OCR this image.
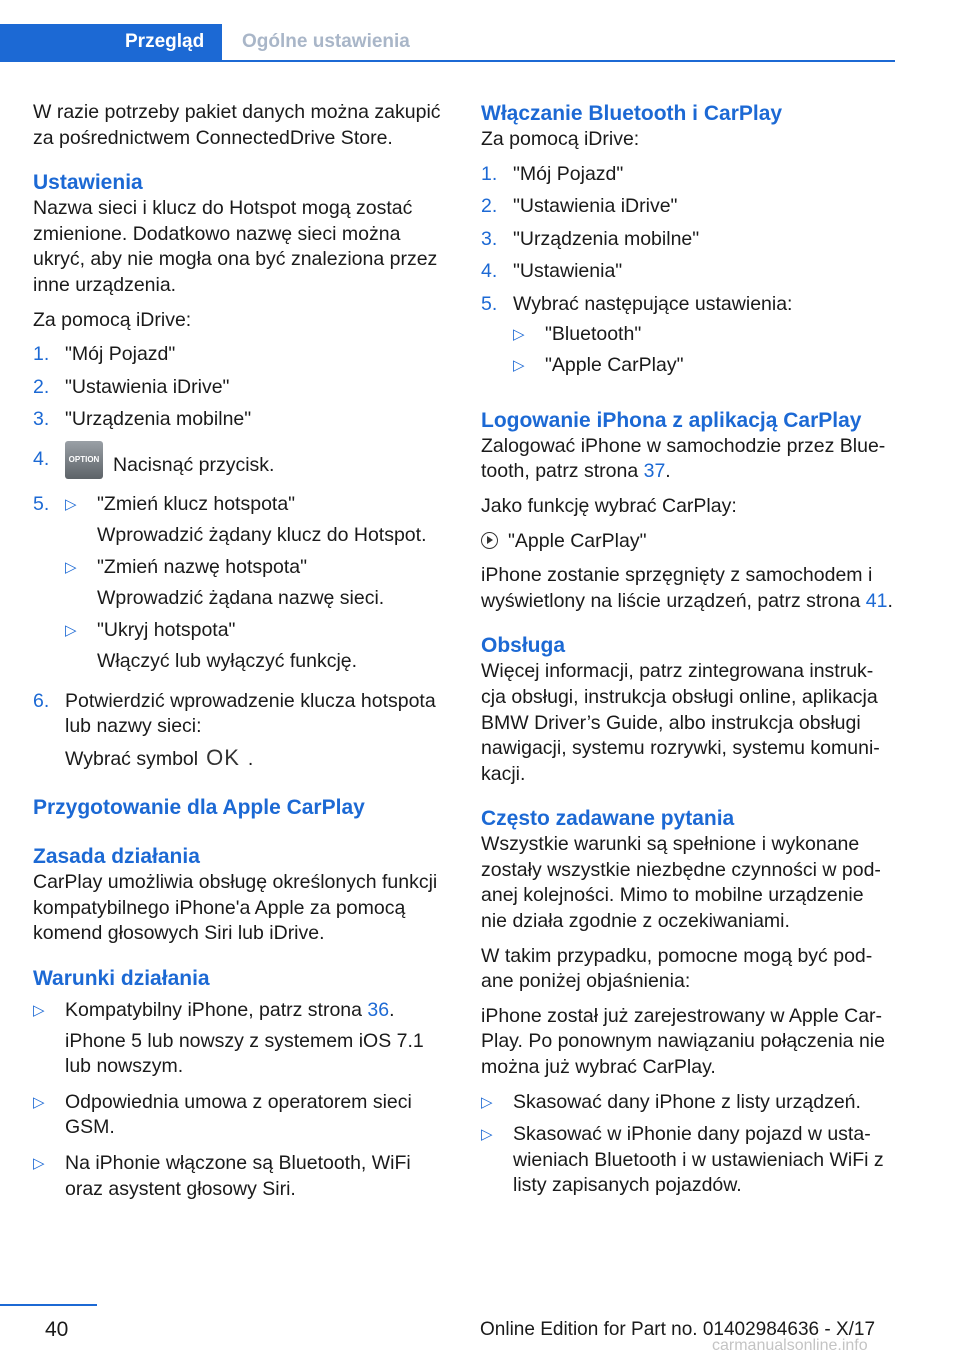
Przegląd	Ogólne ustawienia

W razie potrzeby pakiet danych można zakupić za pośrednictwem ConnectedDrive Store.

Ustawienia

Nazwa sieci i klucz do Hotspot mogą zostać zmienione. Dodatkowo nazwę sieci można ukryć, aby nie mogła ona być znaleziona przez inne urządzenia.

Za pomocą iDrive:

1. "Mój Pojazd"
2. "Ustawienia iDrive"
3. "Urządzenia mobilne"
4.	OPTION Nacisnąć przycisk.
5.	▷	"Zmień klucz hotspota"
Wprowadzić żądany klucz do Hotspot.
▷	"Zmień nazwę hotspota"
Wprowadzić żądana nazwę sieci.
▷	"Ukryj hotspota"
Włączyć lub wyłączyć funkcję.
6. Potwierdzić wprowadzenie klucza hotspota lub nazwy sieci:
Wybrać symbol OK .
Przygotowanie dla Apple CarPlay
Zasada działania

CarPlay umożliwia obsługę określonych funkcji kompatybilnego iPhone'a Apple za pomocą komend głosowych Siri lub iDrive.

Warunki działania
▷	Kompatybilny iPhone, patrz strona 36.
iPhone 5 lub nowszy z systemem iOS 7.1 lub nowszym.
▷	Odpowiednia umowa z operatorem sieci GSM.
▷	Na iPhonie włączone są Bluetooth, WiFi oraz asystent głosowy Siri.
Włączanie Bluetooth i CarPlay

Za pomocą iDrive:

1. "Mój Pojazd"
2. "Ustawienia iDrive"
3. "Urządzenia mobilne"
4. "Ustawienia"
5. Wybrać następujące ustawienia:
▷	"Bluetooth"
▷	"Apple CarPlay"
Logowanie iPhona z aplikacją CarPlay

Zalogować iPhone w samochodzie przez Blue‐tooth, patrz strona 37.

Jako funkcję wybrać CarPlay:

"Apple CarPlay"

iPhone zostanie sprzęgnięty z samochodem i wyświetlony na liście urządzeń, patrz strona 41.

Obsługa

Więcej informacji, patrz zintegrowana instruk‐cja obsługi, instrukcja obsługi online, aplikacja BMW Driver’s Guide, albo instrukcja obsługi nawigacji, systemu rozrywki, systemu komuni‐kacji.

Często zadawane pytania

Wszystkie warunki są spełnione i wykonane zostały wszystkie niezbędne czynności w pod‐anej kolejności. Mimo to mobilne urządzenie nie działa zgodnie z oczekiwaniami.

W takim przypadku, pomocne mogą być pod‐ane poniżej objaśnienia:

iPhone został już zarejestrowany w Apple Car‐Play. Po ponownym nawiązaniu połączenia nie można już wybrać CarPlay.

▷	Skasować dany iPhone z listy urządzeń.
▷	Skasować w iPhonie dany pojazd w usta‐wieniach Bluetooth i w ustawieniach WiFi z listy zapisanych pojazdów.
40	Online Edition for Part no. 01402984636 - X/17
carmanualsonline.info
